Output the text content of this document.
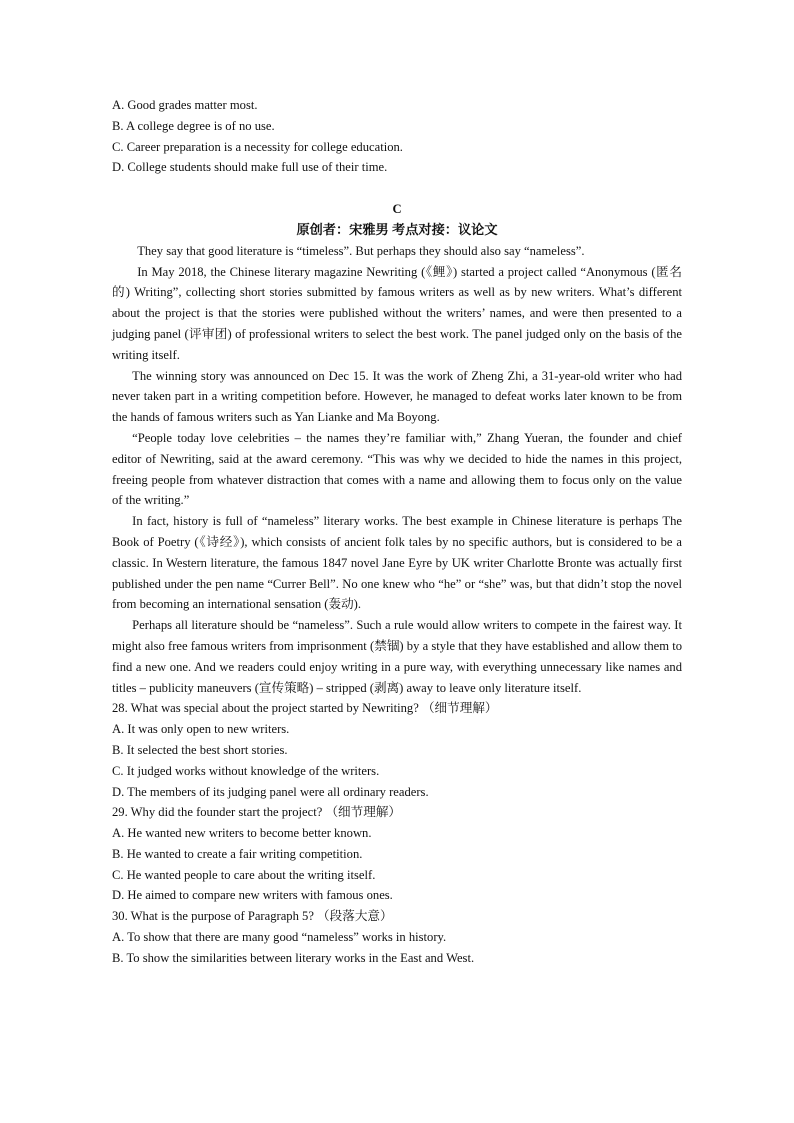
A. Good grades matter most.
B. A college degree is of no use.
C. Career preparation is a necessity for college education.
D. College students should make full use of their time.
C
原创者：宋雅男 考点对接：议论文

They say that good literature is “timeless”. But perhaps they should also say “nameless”.

In May 2018, the Chinese literary magazine Newriting (《鲤》) started a project called “Anonymous (匿名的) Writing”, collecting short stories submitted by famous writers as well as by new writers. What’s different about the project is that the stories were published without the writers’ names, and were then presented to a judging panel (评审团) of professional writers to select the best work. The panel judged only on the basis of the writing itself.

The winning story was announced on Dec 15. It was the work of Zheng Zhi, a 31-year-old writer who had never taken part in a writing competition before. However, he managed to defeat works later known to be from the hands of famous writers such as Yan Lianke and Ma Boyong.

“People today love celebrities – the names they’re familiar with,” Zhang Yueran, the founder and chief editor of Newriting, said at the award ceremony. “This was why we decided to hide the names in this project, freeing people from whatever distraction that comes with a name and allowing them to focus only on the value of the writing.”

In fact, history is full of “nameless” literary works. The best example in Chinese literature is perhaps The Book of Poetry (《诗经》), which consists of ancient folk tales by no specific authors, but is considered to be a classic. In Western literature, the famous 1847 novel Jane Eyre by UK writer Charlotte Bronte was actually first published under the pen name “Currer Bell”. No one knew who “he” or “she” was, but that didn’t stop the novel from becoming an international sensation (轰动).

Perhaps all literature should be “nameless”. Such a rule would allow writers to compete in the fairest way. It might also free famous writers from imprisonment (禁锢) by a style that they have established and allow them to find a new one. And we readers could enjoy writing in a pure way, with everything unnecessary like names and titles – publicity maneuvers (宣传策略) – stripped (剥离) away to leave only literature itself.

28. What was special about the project started by Newriting? （细节理解）
A. It was only open to new writers.
B. It selected the best short stories.
C. It judged works without knowledge of the writers.
D. The members of its judging panel were all ordinary readers.
29. Why did the founder start the project? （细节理解）
A. He wanted new writers to become better known.
B. He wanted to create a fair writing competition.
C. He wanted people to care about the writing itself.
D. He aimed to compare new writers with famous ones.
30. What is the purpose of Paragraph 5? （段落大意）
A. To show that there are many good “nameless” works in history.
B. To show the similarities between literary works in the East and West.
